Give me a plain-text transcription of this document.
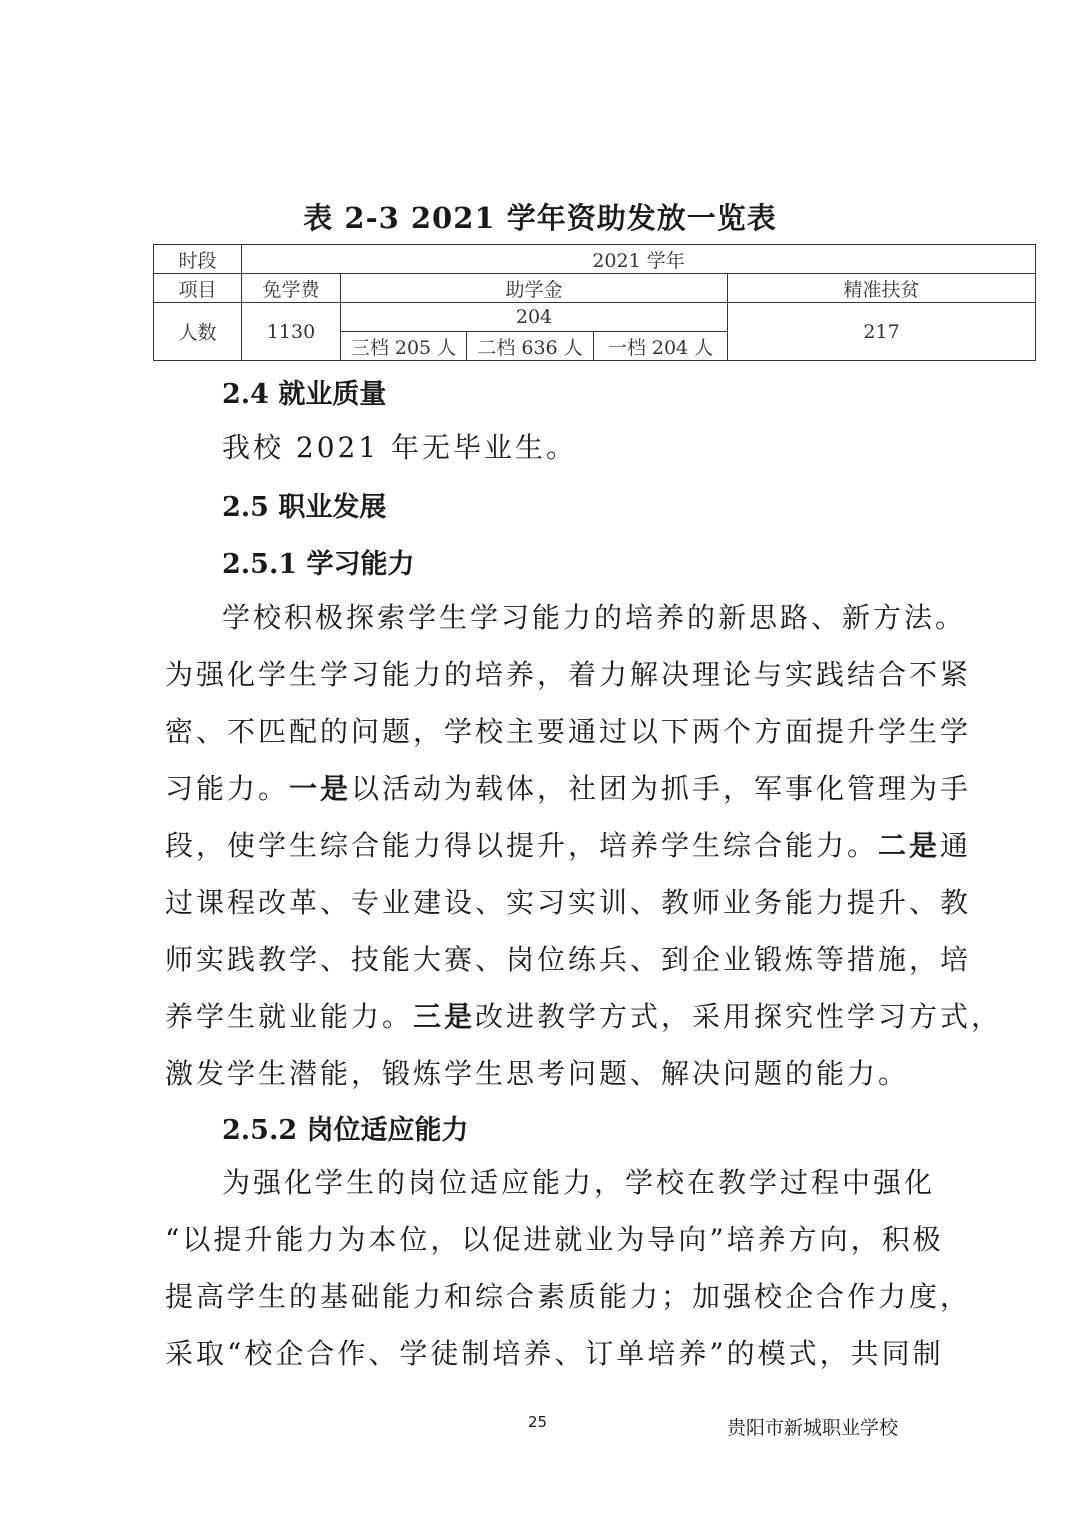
表 2-3 2021 学年资助发放一览表
时段	2021 学年				
项目	免学费	助学金			精准扶贫
人数	1130	204			217
		三档 205 人	二档 636 人	一档 204 人	
2.4 就业质量
我校 2021 年无毕业生。
2.5 职业发展
2.5.1 学习能力
学校积极探索学生学习能力的培养的新思路、新方法。
为强化学生学习能力的培养，着力解决理论与实践结合不紧
密、不匹配的问题，学校主要通过以下两个方面提升学生学
习能力。一是以活动为载体，社团为抓手，军事化管理为手
段，使学生综合能力得以提升，培养学生综合能力。二是通
过课程改革、专业建设、实习实训、教师业务能力提升、教
师实践教学、技能大赛、岗位练兵、到企业锻炼等措施，培
养学生就业能力。三是改进教学方式，采用探究性学习方式，
激发学生潜能，锻炼学生思考问题、解决问题的能力。
2.5.2 岗位适应能力
为强化学生的岗位适应能力，学校在教学过程中强化
“以提升能力为本位，以促进就业为导向”培养方向，积极
提高学生的基础能力和综合素质能力；加强校企合作力度，
采取“校企合作、学徒制培养、订单培养”的模式，共同制
25	贵阳市新城职业学校
